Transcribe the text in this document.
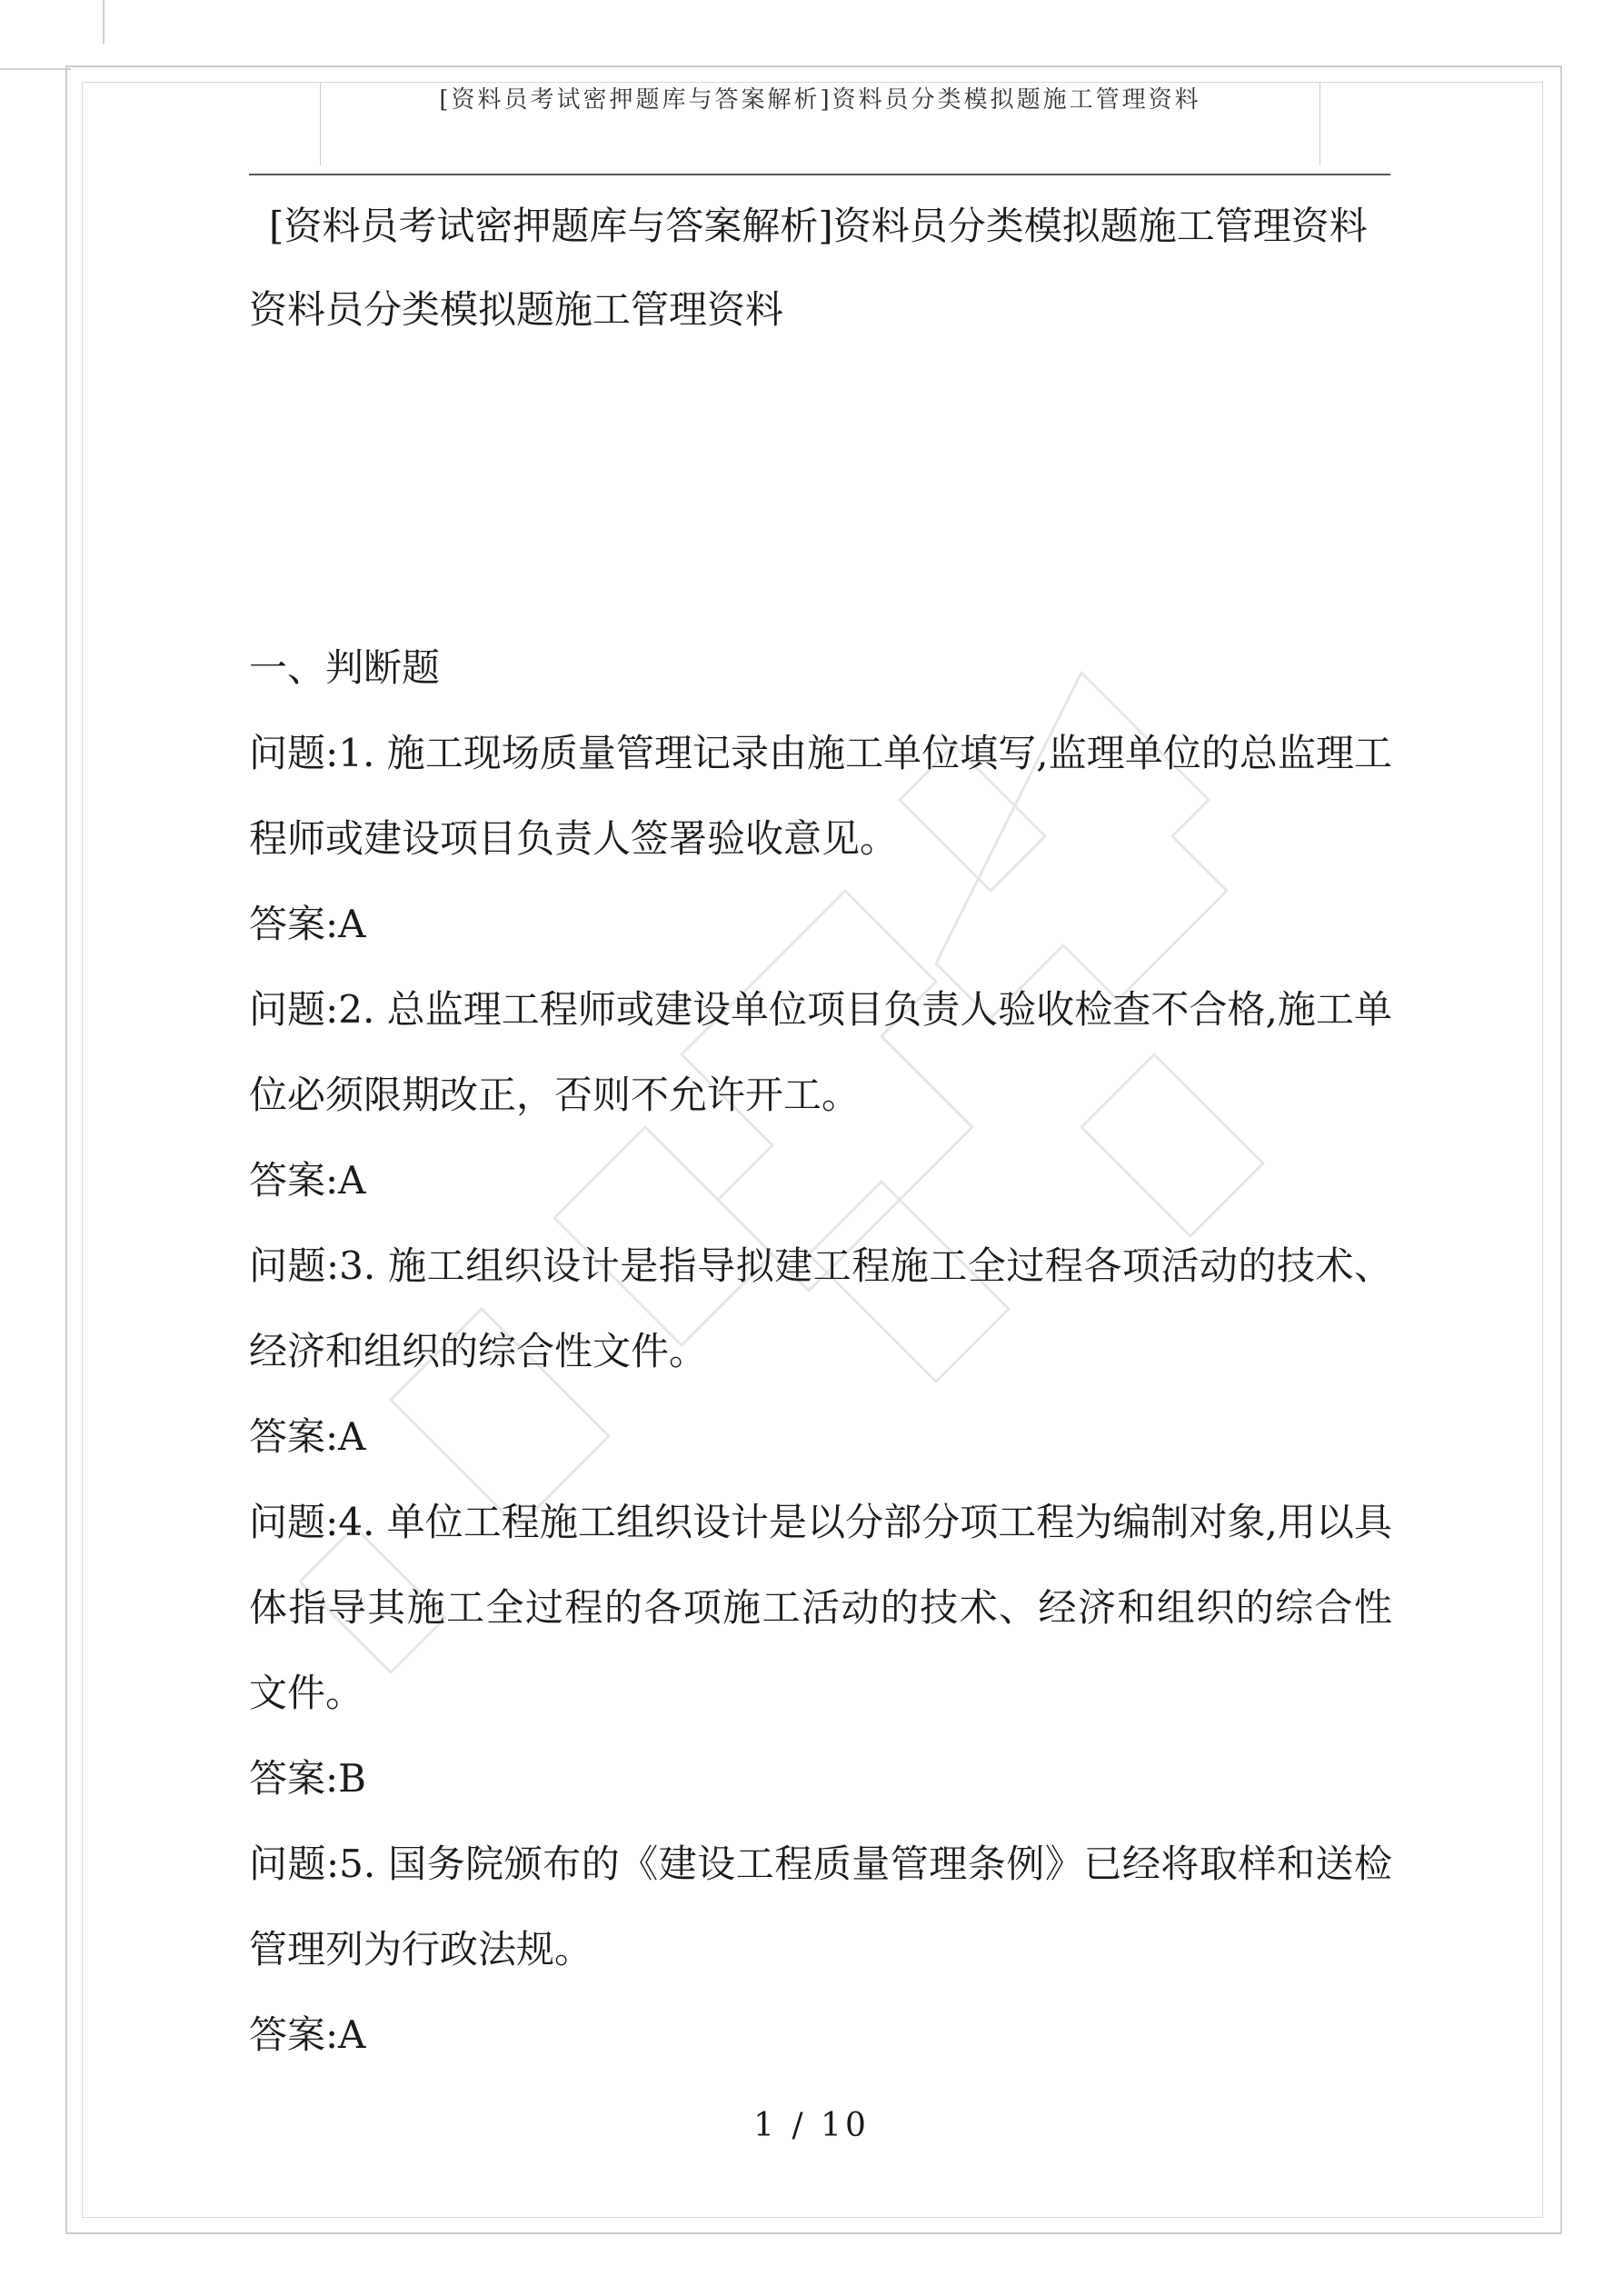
[资料员考试密押题库与答案解析]资料员分类模拟题施工管理资料
[资料员考试密押题库与答案解析]资料员分类模拟题施工管理资料
资料员分类模拟题施工管理资料

一、判断题

问题:1. 施工现场质量管理记录由施工单位填写,监理单位的总监理工程师或建设项目负责人签署验收意见。

答案:A

问题:2. 总监理工程师或建设单位项目负责人验收检查不合格,施工单位必须限期改正，否则不允许开工。

答案:A

问题:3. 施工组织设计是指导拟建工程施工全过程各项活动的技术、经济和组织的综合性文件。

答案:A

问题:4. 单位工程施工组织设计是以分部分项工程为编制对象,用以具体指导其施工全过程的各项施工活动的技术、经济和组织的综合性文件。

答案:B

问题:5. 国务院颁布的《建设工程质量管理条例》已经将取样和送检管理列为行政法规。

答案:A

1 / 10
